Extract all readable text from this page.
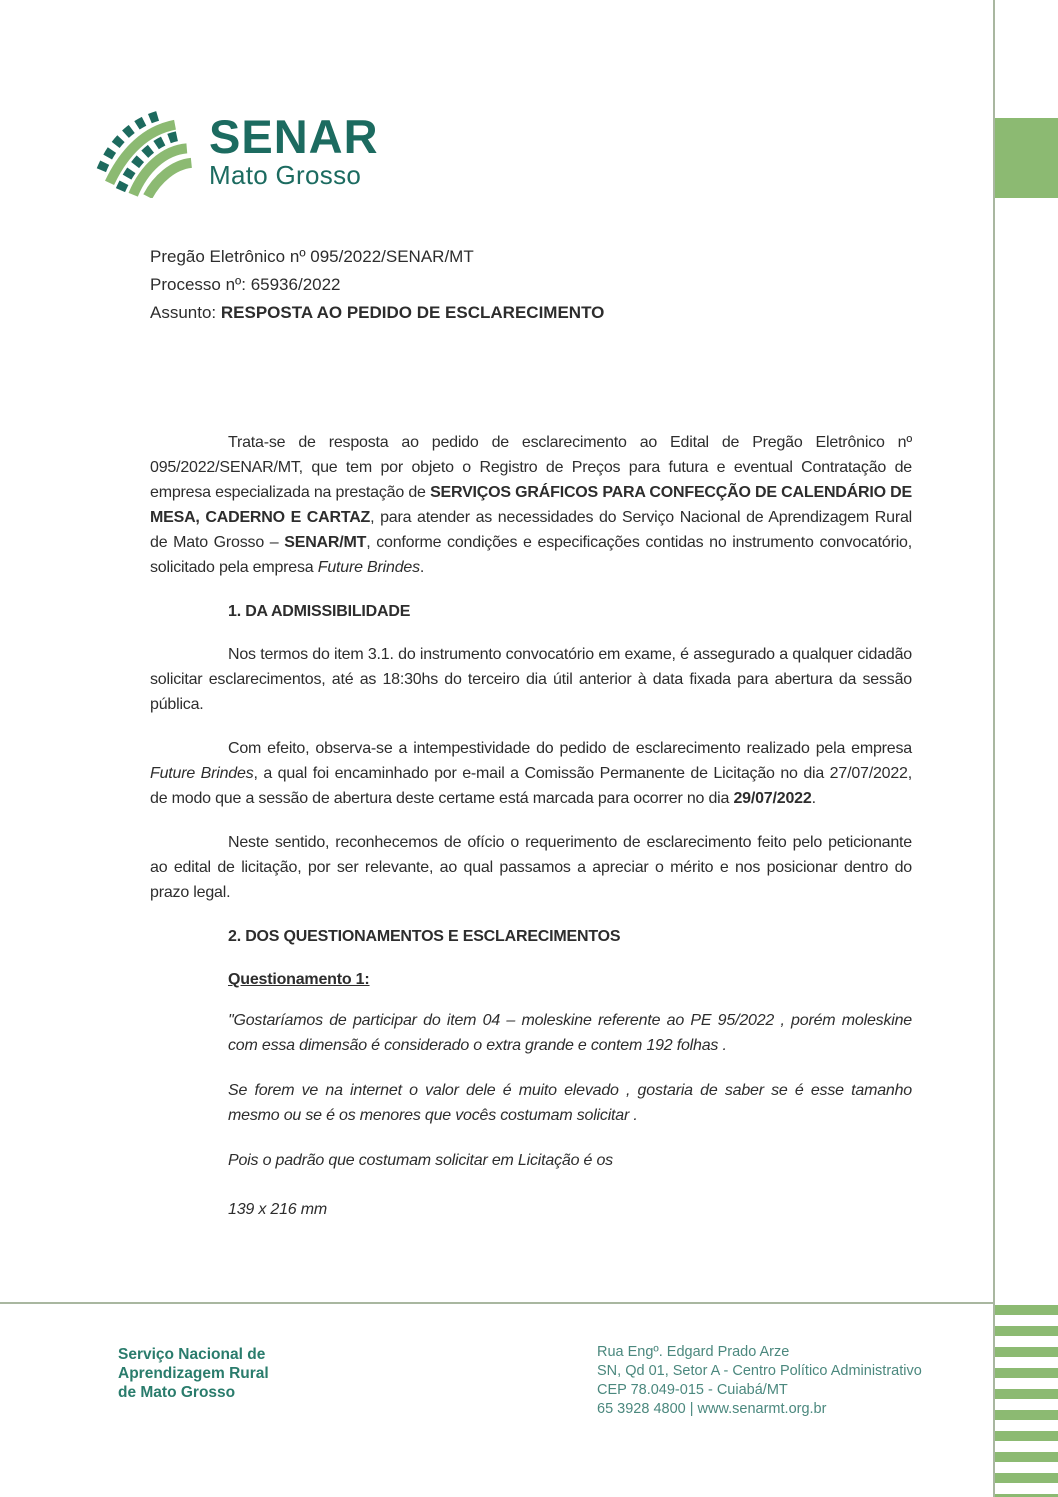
SENAR
Mato Grosso
Pregão Eletrônico nº 095/2022/SENAR/MT
Processo nº: 65936/2022
Assunto: RESPOSTA AO PEDIDO DE ESCLARECIMENTO

Trata-se de resposta ao pedido de esclarecimento ao Edital de Pregão Eletrônico nº 095/2022/SENAR/MT, que tem por objeto o Registro de Preços para futura e eventual Contratação de empresa especializada na prestação de SERVIÇOS GRÁFICOS PARA CONFECÇÃO DE CALENDÁRIO DE MESA, CADERNO E CARTAZ, para atender as necessidades do Serviço Nacional de Aprendizagem Rural de Mato Grosso – SENAR/MT, conforme condições e especificações contidas no instrumento convocatório, solicitado pela empresa Future Brindes.

1. DA ADMISSIBILIDADE

Nos termos do item 3.1. do instrumento convocatório em exame, é assegurado a qualquer cidadão solicitar esclarecimentos, até as 18:30hs do terceiro dia útil anterior à data fixada para abertura da sessão pública.

Com efeito, observa-se a intempestividade do pedido de esclarecimento realizado pela empresa Future Brindes, a qual foi encaminhado por e-mail a Comissão Permanente de Licitação no dia 27/07/2022, de modo que a sessão de abertura deste certame está marcada para ocorrer no dia 29/07/2022.

Neste sentido, reconhecemos de ofício o requerimento de esclarecimento feito pelo peticionante ao edital de licitação, por ser relevante, ao qual passamos a apreciar o mérito e nos posicionar dentro do prazo legal.

2. DOS QUESTIONAMENTOS E ESCLARECIMENTOS
Questionamento 1:

"Gostaríamos de participar do item 04 – moleskine referente ao PE 95/2022 , porém moleskine com essa dimensão é considerado o extra grande e contem 192 folhas .

Se forem ve na internet o valor dele é muito elevado , gostaria de saber se é esse tamanho mesmo ou se é os menores que vocês costumam solicitar .

Pois o padrão que costumam solicitar em Licitação é os

139 x 216 mm

Serviço Nacional de
Aprendizagem Rural
de Mato Grosso
Rua Engº. Edgard Prado Arze
SN, Qd 01, Setor A - Centro Político Administrativo
CEP 78.049-015 - Cuiabá/MT
65 3928 4800 | www.senarmt.org.br
